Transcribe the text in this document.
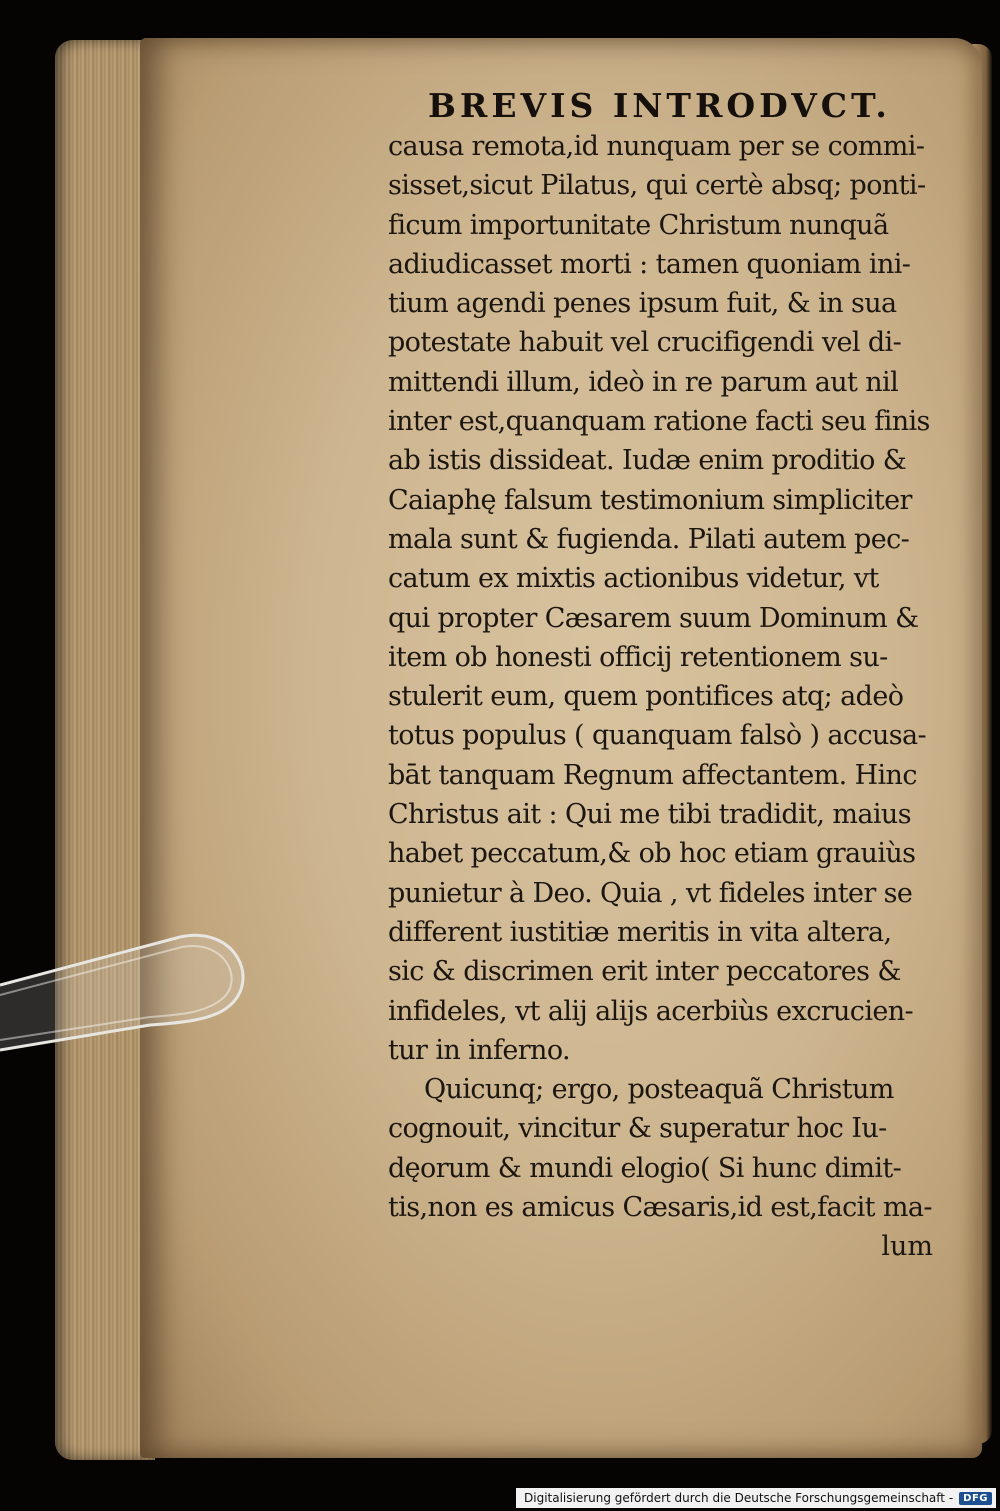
BREVIS INTRODVCT.
causa remota,id nunquam per se commi-
sisset,sicut Pilatus, qui certè absq; ponti-
ficum importunitate Christum nunquã
adiudicasset morti : tamen quoniam ini-
tium agendi penes ipsum fuit, & in sua
potestate habuit vel crucifigendi vel di-
mittendi illum, ideò in re parum aut nil
inter est,quanquam ratione facti seu finis
ab istis dissideat. Iudæ enim proditio &
Caiaphę falsum testimonium simpliciter
mala sunt & fugienda. Pilati autem pec-
catum ex mixtis actionibus videtur, vt
qui propter Cæsarem suum Dominum &
item ob honesti officij retentionem su-
stulerit eum, quem pontifices atq; adeò
totus populus ( quanquam falsò ) accusa-
bāt tanquam Regnum affectantem. Hinc
Christus ait : Qui me tibi tradidit, maius
habet peccatum,& ob hoc etiam grauiùs
punietur à Deo. Quia , vt fideles inter se
different iustitiæ meritis in vita altera,
sic & discrimen erit inter peccatores &
infideles, vt alij alijs acerbiùs excrucien-
tur in inferno.
Quicunq; ergo, posteaquã Christum
cognouit, vincitur & superatur hoc Iu-
dęorum & mundi elogio( Si hunc dimit-
tis,non es amicus Cæsaris,id est,facit ma-
lum
Digitalisierung gefördert durch die Deutsche Forschungsgemeinschaft -	DFG
